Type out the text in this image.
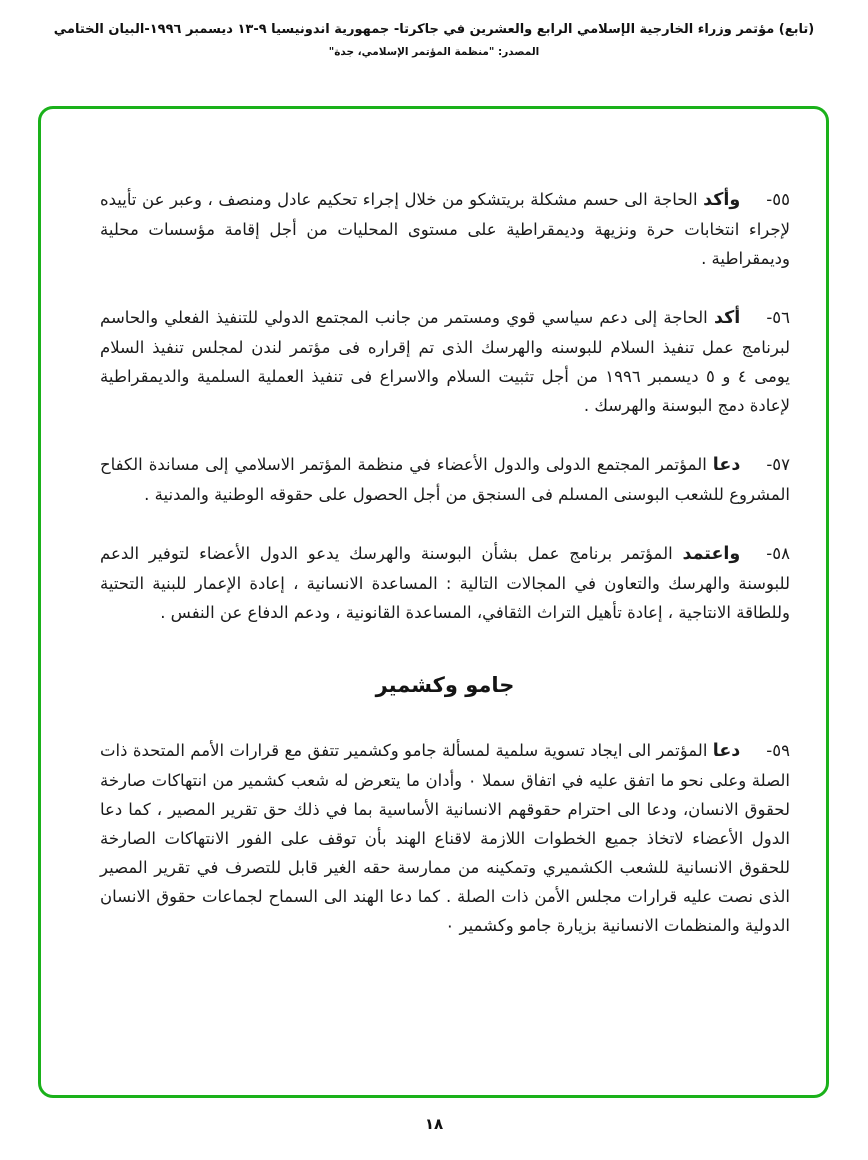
(تابع) مؤتمر وزراء الخارجية الإسلامي الرابع والعشرين في جاكرتا- جمهورية اندونيسيا ٩-١٣ ديسمبر ١٩٩٦-البيان الختامي
المصدر: "منظمة المؤتمر الإسلامي، جدة"

٥٥-وأكد الحاجة الى حسم مشكلة بريتشكو من خلال إجراء تحكيم عادل ومنصف ، وعبر عن تأييده لإجراء انتخابات حرة ونزيهة وديمقراطية على مستوى المحليات من أجل إقامة مؤسسات محلية وديمقراطية .

٥٦-أكد الحاجة إلى دعم سياسي قوي ومستمر من جانب المجتمع الدولي للتنفيذ الفعلي والحاسم لبرنامج عمل تنفيذ السلام للبوسنه والهرسك الذى تم إقراره فى مؤتمر لندن لمجلس تنفيذ السلام يومى ٤ و ٥ ديسمبر ١٩٩٦ من أجل تثبيت السلام والاسراع فى تنفيذ العملية السلمية والديمقراطية لإعادة دمج البوسنة والهرسك .

٥٧-دعا المؤتمر المجتمع الدولى والدول الأعضاء في منظمة المؤتمر الاسلامي إلى مساندة الكفاح المشروع للشعب البوسنى المسلم فى السنجق من أجل الحصول على حقوقه الوطنية والمدنية .

٥٨-واعتمد المؤتمر برنامج عمل بشأن البوسنة والهرسك يدعو الدول الأعضاء لتوفير الدعم للبوسنة والهرسك والتعاون في المجالات التالية : المساعدة الانسانية ، إعادة الإعمار للبنية التحتية وللطاقة الانتاجية ، إعادة تأهيل التراث الثقافي، المساعدة القانونية ، ودعم الدفاع عن النفس .

جامو وكشمير

٥٩-دعا المؤتمر الى ايجاد تسوية سلمية لمسألة جامو وكشمير تتفق مع قرارات الأمم المتحدة ذات الصلة وعلى نحو ما اتفق عليه في اتفاق سملا ۰ وأدان ما يتعرض له شعب كشمير من انتهاكات صارخة لحقوق الانسان، ودعا الى احترام حقوقهم الانسانية الأساسية بما في ذلك حق تقرير المصير ، كما دعا الدول الأعضاء لاتخاذ جميع الخطوات اللازمة لاقناع الهند بأن توقف على الفور الانتهاكات الصارخة للحقوق الانسانية للشعب الكشميري وتمكينه من ممارسة حقه الغير قابل للتصرف في تقرير المصير الذى نصت عليه قرارات مجلس الأمن ذات الصلة . كما دعا الهند الى السماح لجماعات حقوق الانسان الدولية والمنظمات الانسانية بزيارة جامو وكشمير ۰

١٨
